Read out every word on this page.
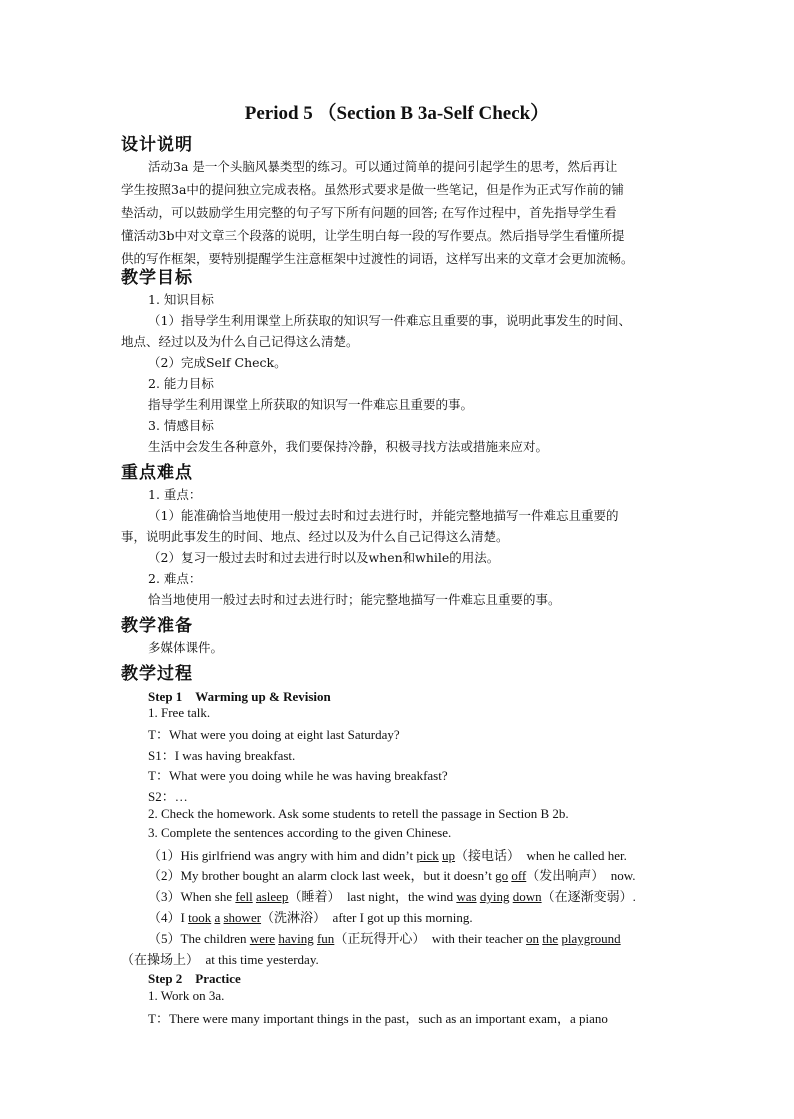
Period 5 （Section B 3a-Self Check）
设计说明
活动3a 是一个头脑风暴类型的练习。可以通过简单的提问引起学生的思考，然后再让
学生按照3a中的提问独立完成表格。虽然形式要求是做一些笔记，但是作为正式写作前的铺
垫活动，可以鼓励学生用完整的句子写下所有问题的回答; 在写作过程中，首先指导学生看
懂活动3b中对文章三个段落的说明，让学生明白每一段的写作要点。然后指导学生看懂所提
供的写作框架，要特别提醒学生注意框架中过渡性的词语，这样写出来的文章才会更加流畅。
教学目标
1. 知识目标
（1）指导学生利用课堂上所获取的知识写一件难忘且重要的事，说明此事发生的时间、
地点、经过以及为什么自己记得这么清楚。
（2）完成Self Check。
2. 能力目标
指导学生利用课堂上所获取的知识写一件难忘且重要的事。
3. 情感目标
生活中会发生各种意外，我们要保持冷静，积极寻找方法或措施来应对。
重点难点
1. 重点：
（1）能准确恰当地使用一般过去时和过去进行时，并能完整地描写一件难忘且重要的
事，说明此事发生的时间、地点、经过以及为什么自己记得这么清楚。
（2）复习一般过去时和过去进行时以及when和while的用法。
2. 难点：
恰当地使用一般过去时和过去进行时；能完整地描写一件难忘且重要的事。
教学准备
多媒体课件。
教学过程
Step 1　Warming up & Revision
1. Free talk.
T：What were you doing at eight last Saturday?
S1：I was having breakfast.
T：What were you doing while he was having breakfast?
S2：…
2. Check the homework. Ask some students to retell the passage in Section B 2b.
3. Complete the sentences according to the given Chinese.
（1）His girlfriend was angry with him and didn’t pick up（接电话）　when he called her.
（2）My brother bought an alarm clock last week，but it doesn’t go off（发出响声）　now.
（3）When she fell asleep（睡着）　last night，the wind was dying down（在逐渐变弱）.
（4）I took a shower（洗淋浴）　after I got up this morning.
（5）The children were having fun（正玩得开心）　with their teacher on the playground
（在操场上）　at this time yesterday.
Step 2　Practice
1. Work on 3a.
T：There were many important things in the past，such as an important exam，a piano
